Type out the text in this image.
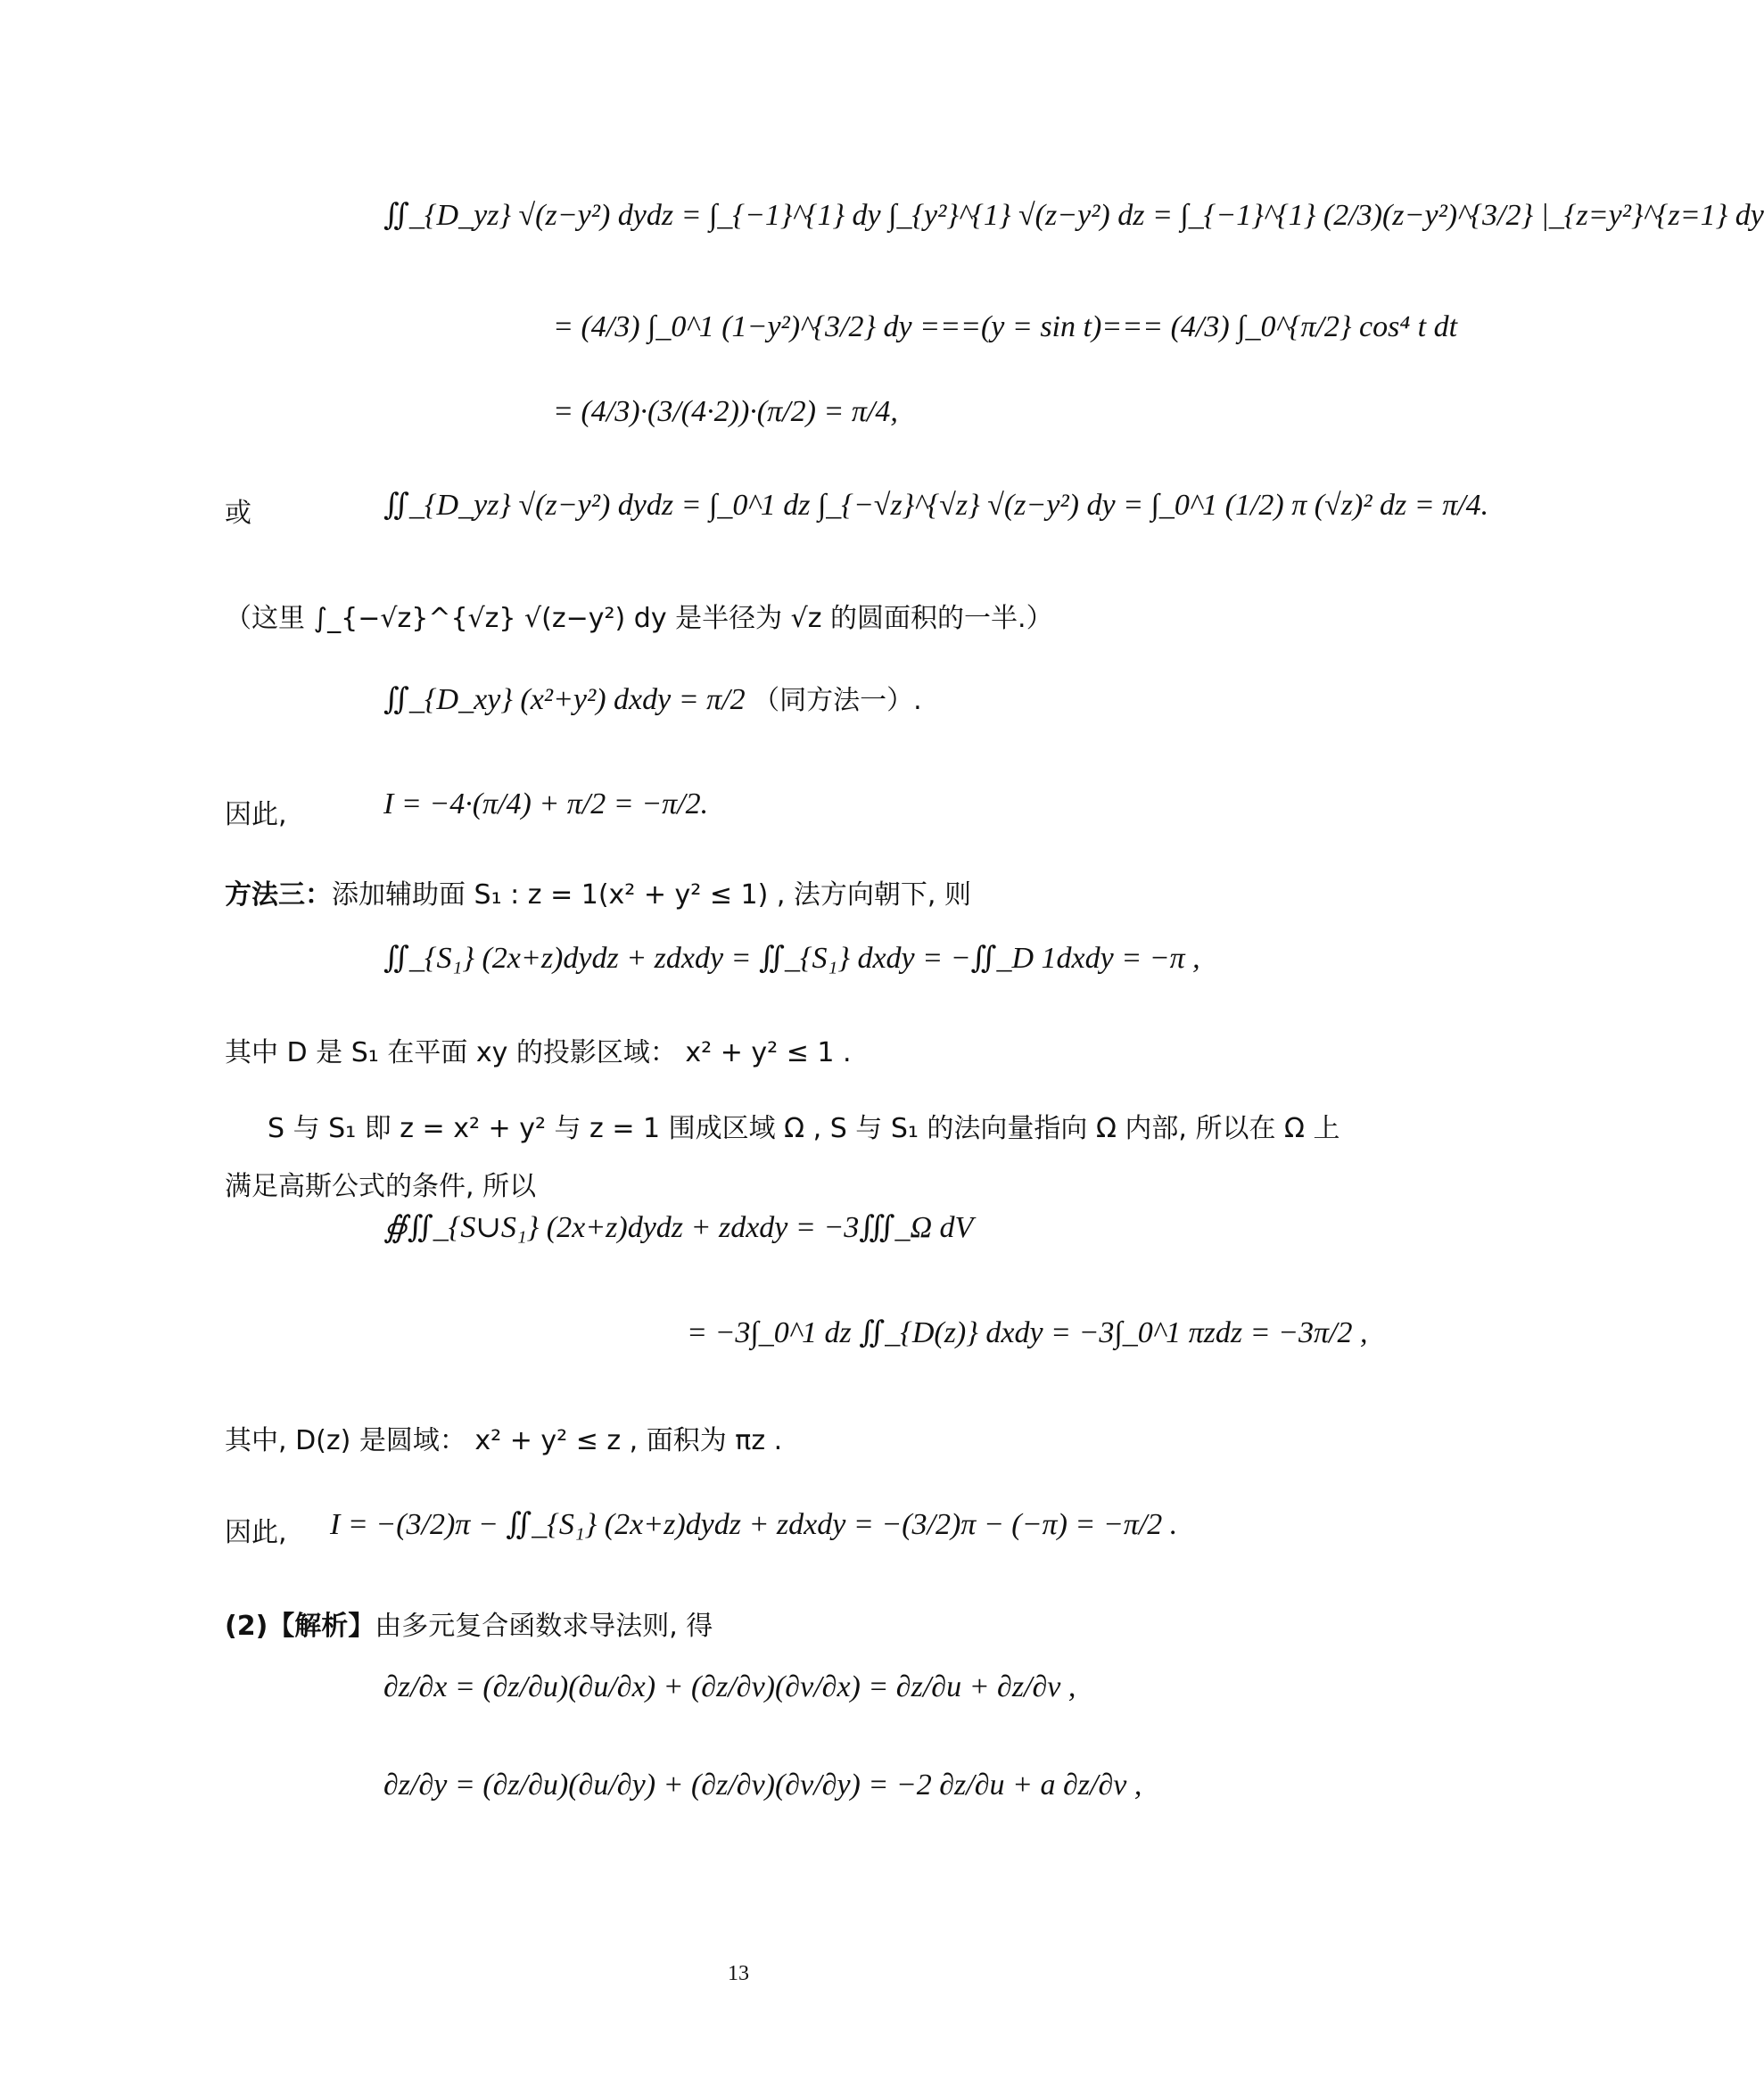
∬_{D_yz} √(z−y²) dydz = ∫_{−1}^{1} dy ∫_{y²}^{1} √(z−y²) dz = ∫_{−1}^{1} (2/3)(z−y²)^{3/2} |_{z=y²}^{z=1} dy
= (4/3) ∫_0^1 (1−y²)^{3/2} dy ===(y = sin t)=== (4/3) ∫_0^{π/2} cos⁴ t dt
= (4/3)·(3/(4·2))·(π/2) = π/4,
或	∬_{D_yz} √(z−y²) dydz = ∫_0^1 dz ∫_{−√z}^{√z} √(z−y²) dy = ∫_0^1 (1/2) π (√z)² dz = π/4.
（这里 ∫_{−√z}^{√z} √(z−y²) dy 是半径为 √z 的圆面积的一半.）
∬_{D_xy} (x²+y²) dxdy = π/2 （同方法一）.
因此,	I = −4·(π/4) + π/2 = −π/2.
方法三：添加辅助面 S₁ : z = 1(x² + y² ≤ 1) , 法方向朝下, 则
∬_{S₁} (2x+z)dydz + zdxdy = ∬_{S₁} dxdy = −∬_D 1dxdy = −π ,
其中 D 是 S₁ 在平面 xy 的投影区域： x² + y² ≤ 1 .
S 与 S₁ 即 z = x² + y² 与 z = 1 围成区域 Ω , S 与 S₁ 的法向量指向 Ω 内部, 所以在 Ω 上
满足高斯公式的条件, 所以
∯∬_{S∪S₁} (2x+z)dydz + zdxdy = −3∭_Ω dV
= −3∫_0^1 dz ∬_{D(z)} dxdy = −3∫_0^1 πzdz = −3π/2 ,
其中, D(z) 是圆域： x² + y² ≤ z , 面积为 πz .
因此, I = −(3/2)π − ∬_{S₁} (2x+z)dydz + zdxdy = −(3/2)π − (−π) = −π/2 .
(2)【解析】由多元复合函数求导法则, 得
∂z/∂x = (∂z/∂u)(∂u/∂x) + (∂z/∂v)(∂v/∂x) = ∂z/∂u + ∂z/∂v ,
∂z/∂y = (∂z/∂u)(∂u/∂y) + (∂z/∂v)(∂v/∂y) = −2 ∂z/∂u + a ∂z/∂v ,
13
